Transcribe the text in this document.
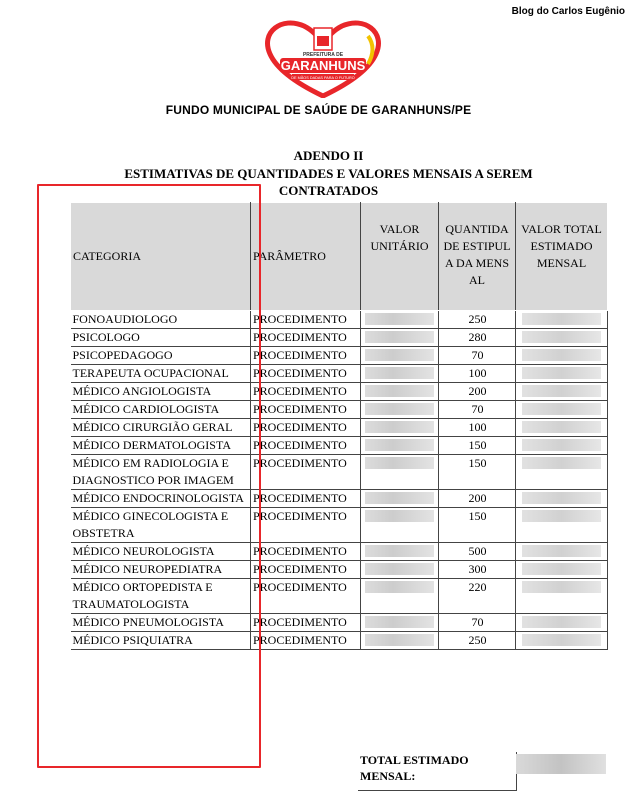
Blog do Carlos Eugênio
PREFEITURA DE
GARANHUNS
DE MÃOS DADAS PARA O FUTURO
FUNDO MUNICIPAL DE SAÚDE DE GARANHUNS/PE
ADENDO II
ESTIMATIVAS DE QUANTIDADES E VALORES MENSAIS A SEREM
CONTRATADOS
CATEGORIA	PARÂMETRO	VALOR UNITÁRIO	QUANTIDA DE ESTIPULA DA MENSAL	VALOR TOTAL ESTIMADO MENSAL
FONOAUDIOLOGO	PROCEDIMENTO		250	

PSICOLOGO	PROCEDIMENTO		280	

PSICOPEDAGOGO	PROCEDIMENTO		70	

TERAPEUTA OCUPACIONAL	PROCEDIMENTO		100	

MÉDICO ANGIOLOGISTA	PROCEDIMENTO		200	

MÉDICO CARDIOLOGISTA	PROCEDIMENTO		70	

MÉDICO CIRURGIÃO GERAL	PROCEDIMENTO		100	

MÉDICO DERMATOLOGISTA	PROCEDIMENTO		150	

MÉDICO EM RADIOLOGIA E DIAGNOSTICO POR IMAGEM	PROCEDIMENTO		150	

MÉDICO ENDOCRINOLOGISTA	PROCEDIMENTO		200	

MÉDICO GINECOLOGISTA E OBSTETRA	PROCEDIMENTO		150	

MÉDICO NEUROLOGISTA	PROCEDIMENTO		500	

MÉDICO NEUROPEDIATRA	PROCEDIMENTO		300	

MÉDICO ORTOPEDISTA E TRAUMATOLOGISTA	PROCEDIMENTO		220	

MÉDICO PNEUMOLOGISTA	PROCEDIMENTO		70	

MÉDICO PSIQUIATRA	PROCEDIMENTO		250	
TOTAL ESTIMADO MENSAL:
